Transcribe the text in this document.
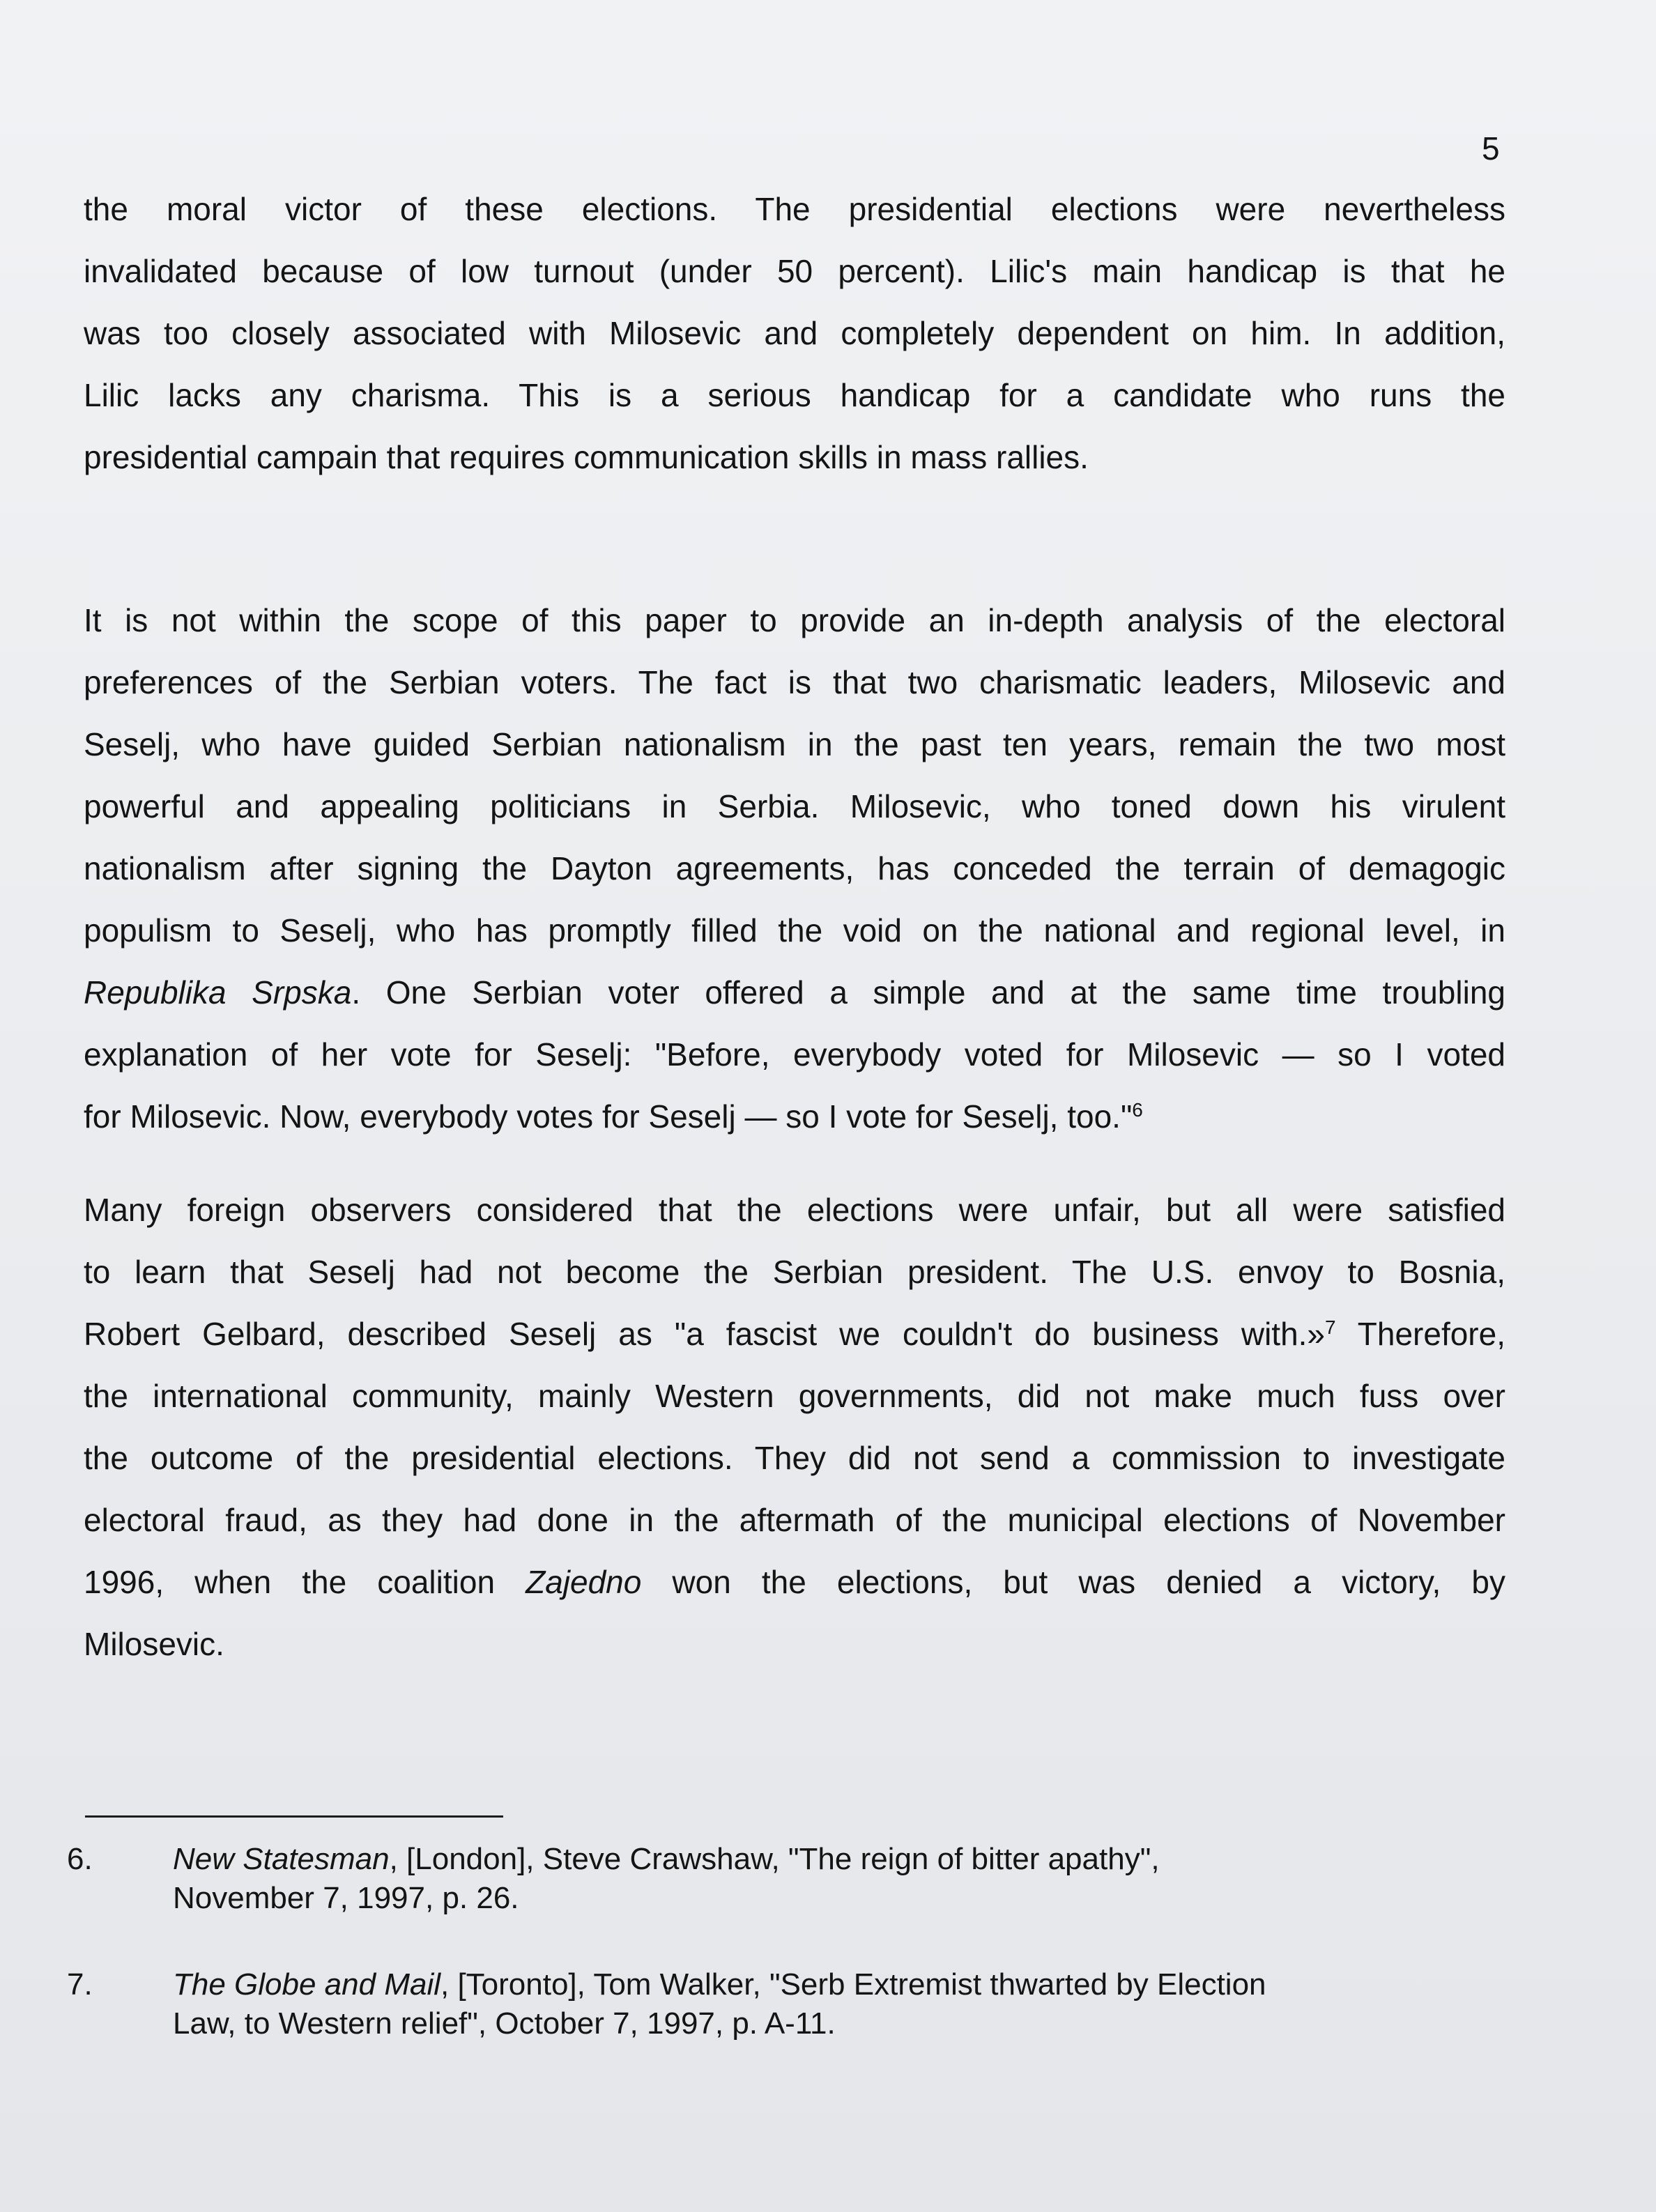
5
the moral victor of these elections. The presidential elections were nevertheless
invalidated because of low turnout (under 50 percent). Lilic's main handicap is that he
was too closely associated with Milosevic and completely dependent on him. In addition,
Lilic lacks any charisma. This is a serious handicap for a candidate who runs the
presidential campain that requires communication skills in mass rallies.
It is not within the scope of this paper to provide an in-depth analysis of the electoral
preferences of the Serbian voters. The fact is that two charismatic leaders, Milosevic and
Seselj, who have guided Serbian nationalism in the past ten years, remain the two most
powerful and appealing politicians in Serbia. Milosevic, who toned down his virulent
nationalism after signing the Dayton agreements, has conceded the terrain of demagogic
populism to Seselj, who has promptly filled the void on the national and regional level, in
Republika Srpska. One Serbian voter offered a simple and at the same time troubling
explanation of her vote for Seselj: "Before, everybody voted for Milosevic — so I voted
for Milosevic. Now, everybody votes for Seselj — so I vote for Seselj, too."$^6$
Many foreign observers considered that the elections were unfair, but all were satisfied
to learn that Seselj had not become the Serbian president. The U.S. envoy to Bosnia,
Robert Gelbard, described Seselj as "a fascist we couldn't do business with.»$^7$ Therefore,
the international community, mainly Western governments, did not make much fuss over
the outcome of the presidential elections. They did not send a commission to investigate
electoral fraud, as they had done in the aftermath of the municipal elections of November
1996, when the coalition Zajedno won the elections, but was denied a victory, by
Milosevic.
6.	New Statesman, [London], Steve Crawshaw, "The reign of bitter apathy",
November 7, 1997, p. 26.
7.	The Globe and Mail, [Toronto], Tom Walker, "Serb Extremist thwarted by Election
Law, to Western relief", October 7, 1997, p. A-11.
